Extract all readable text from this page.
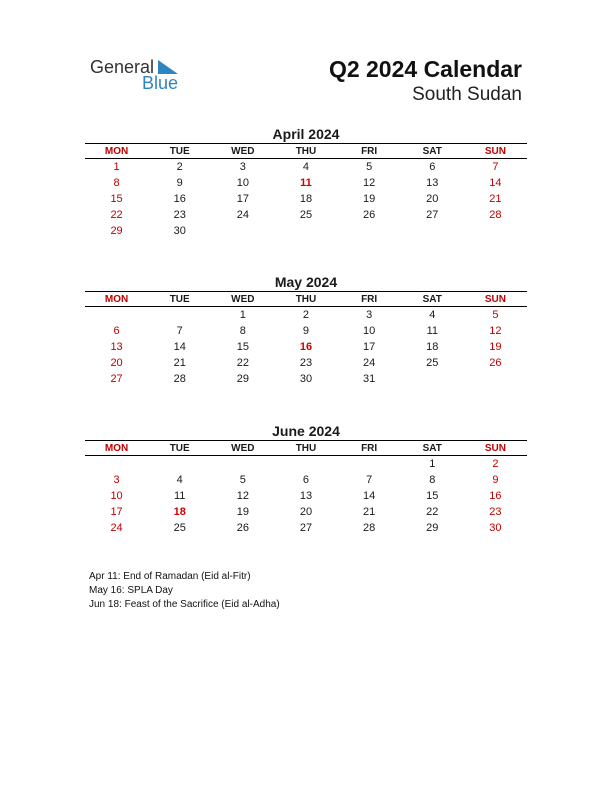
General
Blue
Q2 2024 Calendar
South Sudan
April 2024
MON	TUE	WED	THU	FRI	SAT	SUN
1	2	3	4	5	6	7
8	9	10	11	12	13	14
15	16	17	18	19	20	21
22	23	24	25	26	27	28
29	30					
May 2024
MON	TUE	WED	THU	FRI	SAT	SUN
		1	2	3	4	5
6	7	8	9	10	11	12
13	14	15	16	17	18	19
20	21	22	23	24	25	26
27	28	29	30	31		
June 2024
MON	TUE	WED	THU	FRI	SAT	SUN
					1	2
3	4	5	6	7	8	9
10	11	12	13	14	15	16
17	18	19	20	21	22	23
24	25	26	27	28	29	30
Apr 11: End of Ramadan (Eid al-Fitr)
May 16: SPLA Day
Jun 18: Feast of the Sacrifice (Eid al-Adha)
